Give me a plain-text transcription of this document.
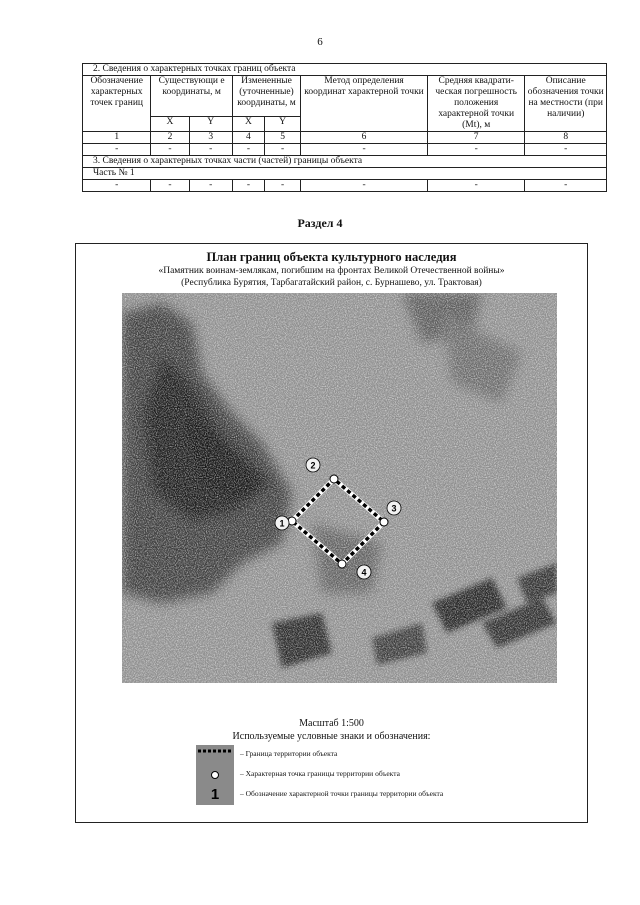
6
2. Сведения о характерных точках границ объекта							
Обозначение характерных точек границ	Существующи е координаты, м		Измененные (уточненные) координаты, м		Метод определения координат характерной точки	Средняя квадрати-ческая погрешность положения характерной точки (Mt), м	Описание обозначения точки на местности (при наличии)
	X	Y	X	Y			
1	2	3	4	5	6	7	8
-	-	-	-	-	-	-	-
3. Сведения о характерных точках части (частей) границы объекта							
Часть № 1							
-	-	-	-	-	-	-	-
Раздел 4
План границ объекта культурного наследия
«Памятник воинам-землякам, погибшим на фронтах Великой Отечественной войны»
(Республика Бурятия, Тарбагатайский район, с. Бурнашево, ул. Трактовая)
1
2
3
4
Масштаб 1:500
Используемые условные знаки и обозначения:
– Граница территории объекта
– Характерная точка границы территории объекта
1	– Обозначение характерной точки границы территории объекта
